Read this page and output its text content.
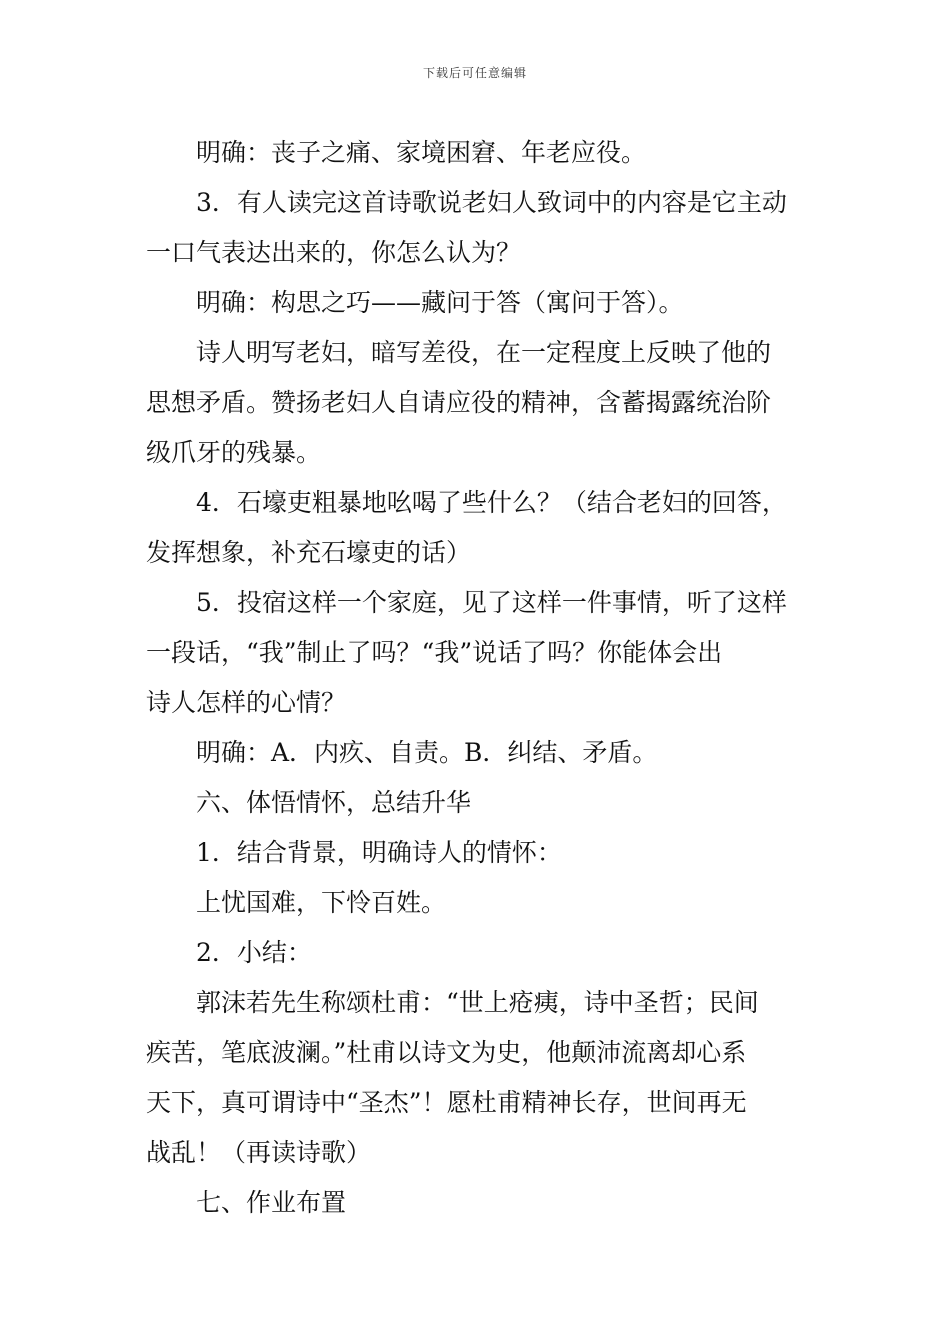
下载后可任意编辑
明确：丧子之痛、家境困窘、年老应役。
3．有人读完这首诗歌说老妇人致词中的内容是它主动
一口气表达出来的，你怎么认为？
明确：构思之巧——藏问于答（寓问于答）。
诗人明写老妇，暗写差役，在一定程度上反映了他的
思想矛盾。赞扬老妇人自请应役的精神，含蓄揭露统治阶
级爪牙的残暴。
4．石壕吏粗暴地吆喝了些什么？（结合老妇的回答，
发挥想象，补充石壕吏的话）
5．投宿这样一个家庭，见了这样一件事情，听了这样
一段话，“我”制止了吗？“我”说话了吗？你能体会出
诗人怎样的心情？
明确：A．内疚、自责。B．纠结、矛盾。
六、体悟情怀，总结升华
1．结合背景，明确诗人的情怀：
上忧国难，下怜百姓。
2．小结：
郭沫若先生称颂杜甫：“世上疮痍，诗中圣哲；民间
疾苦，笔底波澜。”杜甫以诗文为史，他颠沛流离却心系
天下，真可谓诗中“圣杰”！愿杜甫精神长存，世间再无
战乱！（再读诗歌）
七、作业布置
